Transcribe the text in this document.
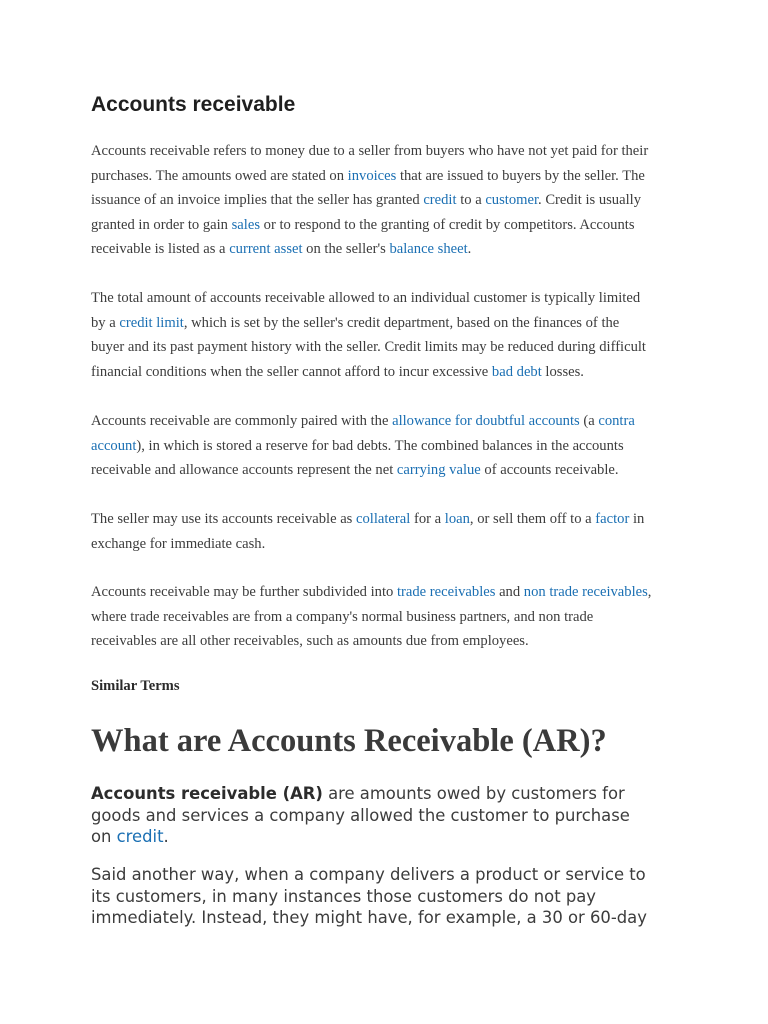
Accounts receivable

Accounts receivable refers to money due to a seller from buyers who have not yet paid for their
purchases. The amounts owed are stated on invoices that are issued to buyers by the seller. The
issuance of an invoice implies that the seller has granted credit to a customer. Credit is usually
granted in order to gain sales or to respond to the granting of credit by competitors. Accounts
receivable is listed as a current asset on the seller's balance sheet.

The total amount of accounts receivable allowed to an individual customer is typically limited
by a credit limit, which is set by the seller's credit department, based on the finances of the
buyer and its past payment history with the seller. Credit limits may be reduced during difficult
financial conditions when the seller cannot afford to incur excessive bad debt losses.

Accounts receivable are commonly paired with the allowance for doubtful accounts (a contra
account), in which is stored a reserve for bad debts. The combined balances in the accounts
receivable and allowance accounts represent the net carrying value of accounts receivable.

The seller may use its accounts receivable as collateral for a loan, or sell them off to a factor in
exchange for immediate cash.

Accounts receivable may be further subdivided into trade receivables and non trade receivables,
where trade receivables are from a company's normal business partners, and non trade
receivables are all other receivables, such as amounts due from employees.

Similar Terms

What are Accounts Receivable (AR)?

Accounts receivable (AR) are amounts owed by customers for
goods and services a company allowed the customer to purchase
on credit.

Said another way, when a company delivers a product or service to
its customers, in many instances those customers do not pay
immediately. Instead, they might have, for example, a 30 or 60-day
